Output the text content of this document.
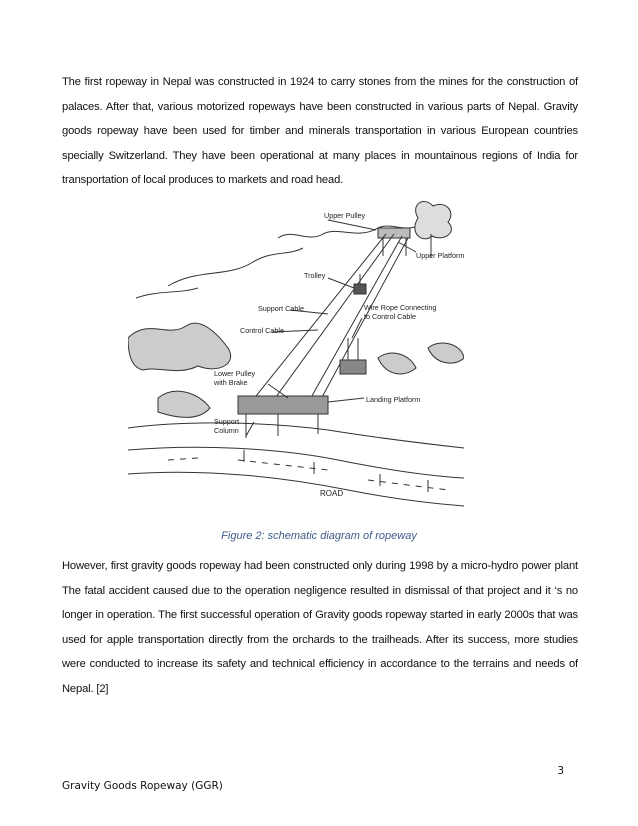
The first ropeway in Nepal was constructed in 1924 to carry stones from the mines for the construction of palaces. After that, various motorized ropeways have been constructed in various parts of Nepal. Gravity goods ropeway have been used for timber and minerals transportation in various European countries specially Switzerland. They have been operational at many places in mountainous regions of India for transportation of local produces to markets and road head.
Upper Pulley
Upper Platform
Trolley
Support Cable
Control Cable
Wire Rope Connecting
to Control Cable
Lower Pulley
with Brake
Landing Platform
Support
Column
ROAD
Figure 2: schematic diagram of ropeway
However, first gravity goods ropeway had been constructed only during 1998 by a micro-hydro power plant The fatal accident caused due to the operation negligence resulted in dismissal of that project and it ‘s no longer in operation. The first successful operation of Gravity goods ropeway started in early 2000s that was used for apple transportation directly from the orchards to the trailheads. After its success, more studies were conducted to increase its safety and technical efficiency in accordance to the terrains and needs of Nepal. [2]
3
Gravity Goods Ropeway (GGR)
